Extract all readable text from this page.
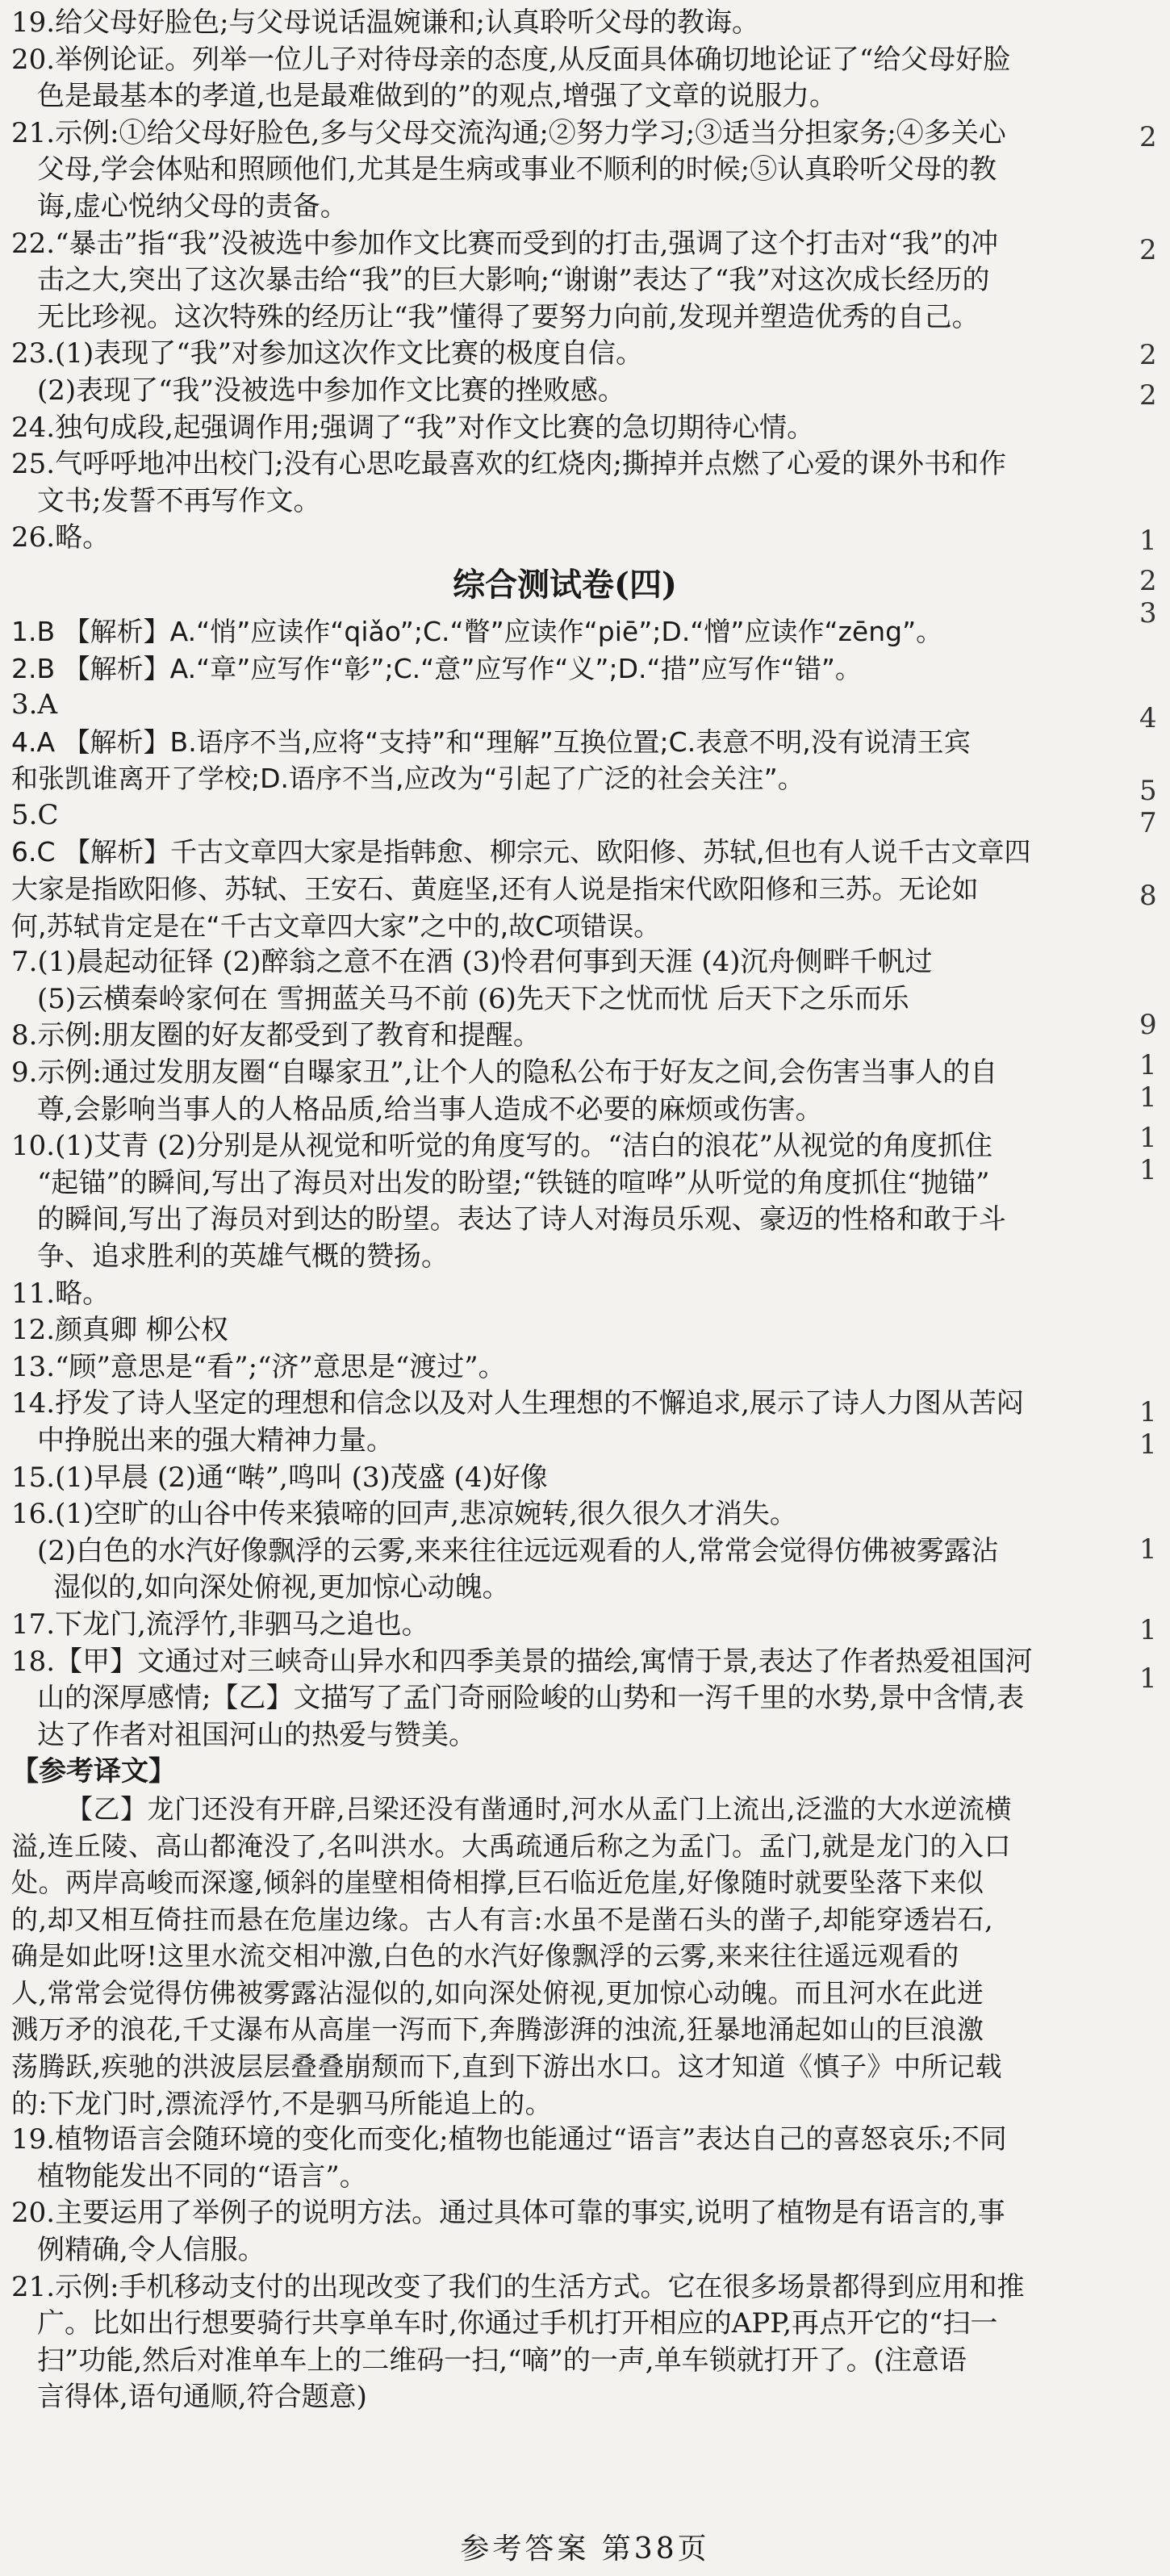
19.给父母好脸色;与父母说话温婉谦和;认真聆听父母的教诲。
20.举例论证。列举一位儿子对待母亲的态度,从反面具体确切地论证了“给父母好脸
色是最基本的孝道,也是最难做到的”的观点,增强了文章的说服力。
21.示例:①给父母好脸色,多与父母交流沟通;②努力学习;③适当分担家务;④多关心
父母,学会体贴和照顾他们,尤其是生病或事业不顺利的时候;⑤认真聆听父母的教
诲,虚心悦纳父母的责备。
22.“暴击”指“我”没被选中参加作文比赛而受到的打击,强调了这个打击对“我”的冲
击之大,突出了这次暴击给“我”的巨大影响;“谢谢”表达了“我”对这次成长经历的
无比珍视。这次特殊的经历让“我”懂得了要努力向前,发现并塑造优秀的自己。
23.(1)表现了“我”对参加这次作文比赛的极度自信。
(2)表现了“我”没被选中参加作文比赛的挫败感。
24.独句成段,起强调作用;强调了“我”对作文比赛的急切期待心情。
25.气呼呼地冲出校门;没有心思吃最喜欢的红烧肉;撕掉并点燃了心爱的课外书和作
文书;发誓不再写作文。
26.略。
综合测试卷(四)
1.B 【解析】A.“悄”应读作“qiǎo”;C.“瞥”应读作“piē”;D.“憎”应读作“zēng”。
2.B 【解析】A.“章”应写作“彰”;C.“意”应写作“义”;D.“措”应写作“错”。
3.A
4.A 【解析】B.语序不当,应将“支持”和“理解”互换位置;C.表意不明,没有说清王宾
和张凯谁离开了学校;D.语序不当,应改为“引起了广泛的社会关注”。
5.C
6.C 【解析】千古文章四大家是指韩愈、柳宗元、欧阳修、苏轼,但也有人说千古文章四
大家是指欧阳修、苏轼、王安石、黄庭坚,还有人说是指宋代欧阳修和三苏。无论如
何,苏轼肯定是在“千古文章四大家”之中的,故C项错误。
7.(1)晨起动征铎 (2)醉翁之意不在酒 (3)怜君何事到天涯 (4)沉舟侧畔千帆过
(5)云横秦岭家何在 雪拥蓝关马不前 (6)先天下之忧而忧 后天下之乐而乐
8.示例:朋友圈的好友都受到了教育和提醒。
9.示例:通过发朋友圈“自曝家丑”,让个人的隐私公布于好友之间,会伤害当事人的自
尊,会影响当事人的人格品质,给当事人造成不必要的麻烦或伤害。
10.(1)艾青 (2)分别是从视觉和听觉的角度写的。“洁白的浪花”从视觉的角度抓住
“起锚”的瞬间,写出了海员对出发的盼望;“铁链的喧哗”从听觉的角度抓住“抛锚”
的瞬间,写出了海员对到达的盼望。表达了诗人对海员乐观、豪迈的性格和敢于斗
争、追求胜利的英雄气概的赞扬。
11.略。
12.颜真卿 柳公权
13.“顾”意思是“看”;“济”意思是“渡过”。
14.抒发了诗人坚定的理想和信念以及对人生理想的不懈追求,展示了诗人力图从苦闷
中挣脱出来的强大精神力量。
15.(1)早晨 (2)通“啭”,鸣叫 (3)茂盛 (4)好像
16.(1)空旷的山谷中传来猿啼的回声,悲凉婉转,很久很久才消失。
(2)白色的水汽好像飘浮的云雾,来来往往远远观看的人,常常会觉得仿佛被雾露沾
湿似的,如向深处俯视,更加惊心动魄。
17.下龙门,流浮竹,非驷马之追也。
18.【甲】文通过对三峡奇山异水和四季美景的描绘,寓情于景,表达了作者热爱祖国河
山的深厚感情;【乙】文描写了孟门奇丽险峻的山势和一泻千里的水势,景中含情,表
达了作者对祖国河山的热爱与赞美。
【参考译文】
【乙】龙门还没有开辟,吕梁还没有凿通时,河水从孟门上流出,泛滥的大水逆流横
溢,连丘陵、高山都淹没了,名叫洪水。大禹疏通后称之为孟门。孟门,就是龙门的入口
处。两岸高峻而深邃,倾斜的崖壁相倚相撑,巨石临近危崖,好像随时就要坠落下来似
的,却又相互倚拄而悬在危崖边缘。古人有言:水虽不是凿石头的凿子,却能穿透岩石,
确是如此呀!这里水流交相冲激,白色的水汽好像飘浮的云雾,来来往往遥远观看的
人,常常会觉得仿佛被雾露沾湿似的,如向深处俯视,更加惊心动魄。而且河水在此迸
溅万矛的浪花,千丈瀑布从高崖一泻而下,奔腾澎湃的浊流,狂暴地涌起如山的巨浪激
荡腾跃,疾驰的洪波层层叠叠崩颓而下,直到下游出水口。这才知道《慎子》中所记载
的:下龙门时,漂流浮竹,不是驷马所能追上的。
19.植物语言会随环境的变化而变化;植物也能通过“语言”表达自己的喜怒哀乐;不同
植物能发出不同的“语言”。
20.主要运用了举例子的说明方法。通过具体可靠的事实,说明了植物是有语言的,事
例精确,令人信服。
21.示例:手机移动支付的出现改变了我们的生活方式。它在很多场景都得到应用和推
广。比如出行想要骑行共享单车时,你通过手机打开相应的APP,再点开它的“扫一
扫”功能,然后对准单车上的二维码一扫,“嘀”的一声,单车锁就打开了。(注意语
言得体,语句通顺,符合题意)
参考答案 第38页
2
2
2
2
1
2
3
4
5
7
8
9
1
1
1
1
1
1
1
1
1
